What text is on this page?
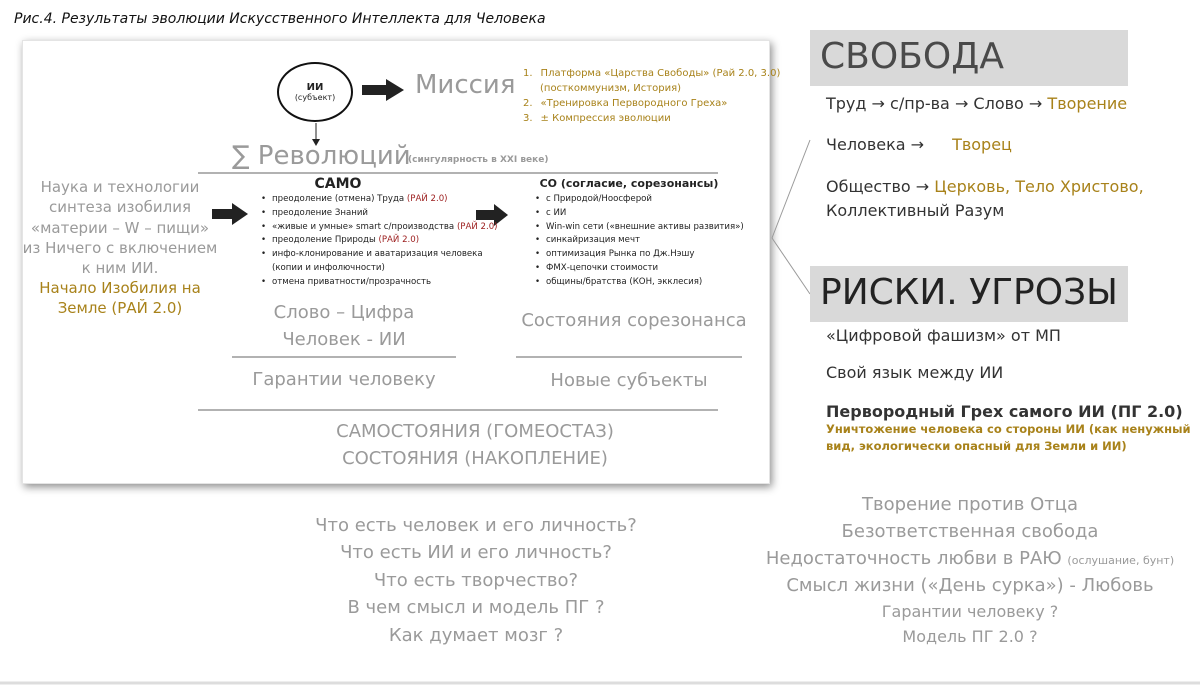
Рис.4. Результаты эволюции Искусственного Интеллекта для Человека
ИИ
(субъект)	Миссия 1. Платформа «Царства Свободы» (Рай 2.0, 3.0)
(посткоммунизм, История)
2. «Тренировка Первородного Греха»
3. ± Компрессия эволюции
∑ Революций
(сингулярность в XXI веке)
Наука и технологии
синтеза изобилия
«материи – W – пищи»
из Ничего с включением
к ним ИИ.
Начало Изобилия на
Земле (РАЙ 2.0)
САМО
• преодоление (отмена) Труда (РАЙ 2.0)
• преодоление Знаний
• «живые и умные» smart с/производства (РАЙ 2.0)
• преодоление Природы (РАЙ 2.0)
• инфо-клонирование и аватаризация человека
(копии и инфолючности)
• отмена приватности/прозрачность
СО (согласие, сорезонансы)
• с Природой/Ноосферой
• с ИИ
• Win-win сети («внешние активы развития»)
• синкайризация мечт
• оптимизация Рынка по Дж.Нэшу
• ФМХ-цепочки стоимости
• общины/братства (КОН, экклесия)
Слово – Цифра
Человек - ИИ
Состояния сорезонанса
Гарантии человеку	Новые субъекты
САМОСТОЯНИЯ (ГОМЕОСТАЗ)
СОСТОЯНИЯ (НАКОПЛЕНИЕ)
СВОБОДА
Труд → с/пр-ва → Слово → Творение
Человека → Творец
Общество → Церковь, Тело Христово,
Коллективный Разум
РИСКИ. УГРОЗЫ
«Цифровой фашизм» от МП
Свой язык между ИИ
Первородный Грех самого ИИ (ПГ 2.0)
Уничтожение человека со стороны ИИ (как ненужный
вид, экологически опасный для Земли и ИИ)
Что есть человек и его личность?
Что есть ИИ и его личность?
Что есть творчество?
В чем смысл и модель ПГ ?
Как думает мозг ?
Творение против Отца
Безответственная свобода
Недостаточность любви в РАЮ (ослушание, бунт)
Смысл жизни («День сурка») - Любовь
Гарантии человеку ?
Модель ПГ 2.0 ?
